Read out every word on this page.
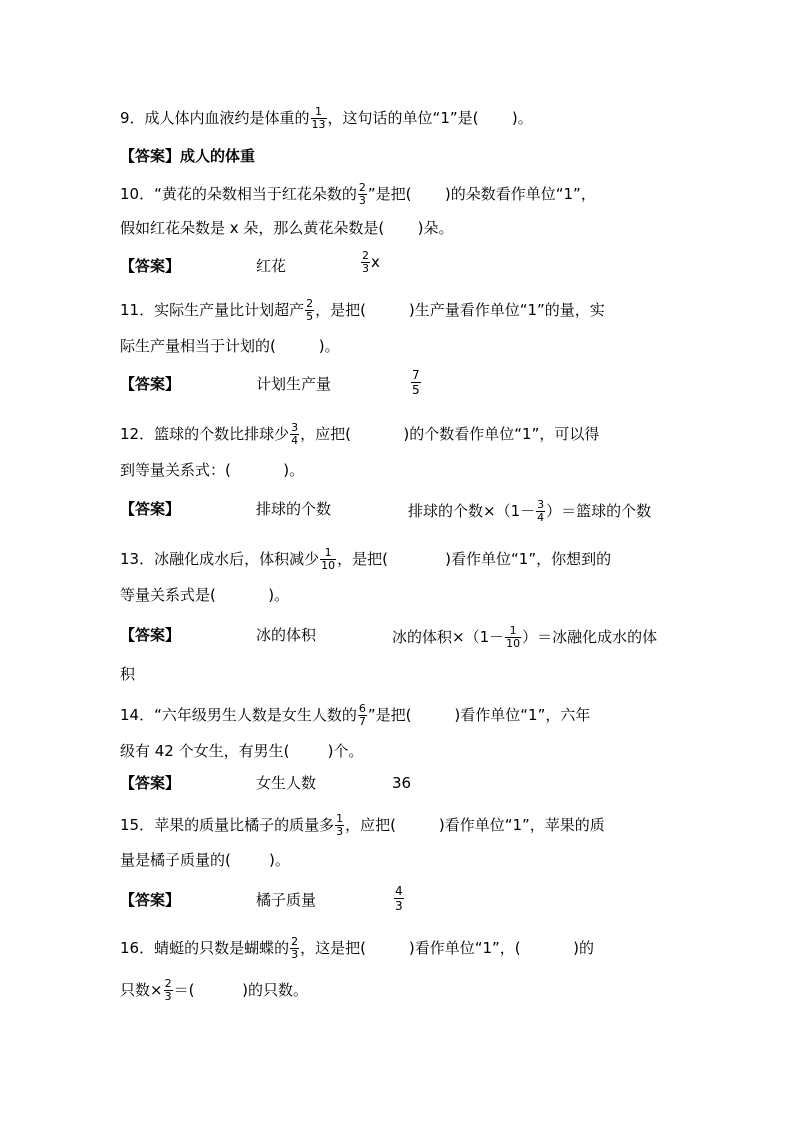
9．成人体内血液约是体重的 $\frac{1}{13}$ ，这句话的单位“1”是(       )。
【答案】成人的体重
10．“黄花的朵数相当于红花朵数的 $\frac{2}{3}$ ”是把(       )的朵数看作单位“1”，
假如红花朵数是 x 朵，那么黄花朵数是(       )朵。
【答案】	红花	$\frac{2}{3}$ x
11．实际生产量比计划超产 $\frac{2}{5}$ ，是把(         )生产量看作单位“1”的量，实
际生产量相当于计划的(         )。
【答案】	计划生产量	$\frac{7}{5}$
12．篮球的个数比排球少 $\frac{3}{4}$ ，应把(           )的个数看作单位“1”，可以得
到等量关系式：(           )。
【答案】	排球的个数	排球的个数$\times(1- \frac{3}{4}$ ）＝篮球的个数
13．冰融化成水后，体积减少 $\frac{1}{10}$ ，是把(            )看作单位“1”，你想到的
等量关系式是(           )。
【答案】	冰的体积	冰的体积$\times(1- \frac{1}{10}$ ）＝冰融化成水的体
积
14．“六年级男生人数是女生人数的 $\frac{6}{7}$ ”是把(         )看作单位“1”，六年
级有 42 个女生，有男生(        )个。
【答案】	女生人数	36
15．苹果的质量比橘子的质量多 $\frac{1}{3}$ ，应把(         )看作单位“1”，苹果的质
量是橘子质量的(        )。
【答案】	橘子质量	$\frac{4}{3}$
16．蜻蜓的只数是蝴蝶的 $\frac{2}{3}$ ，这是把(         )看作单位“1”，(           )的
只数× $\frac{2}{3}$ ＝(          )的只数。
